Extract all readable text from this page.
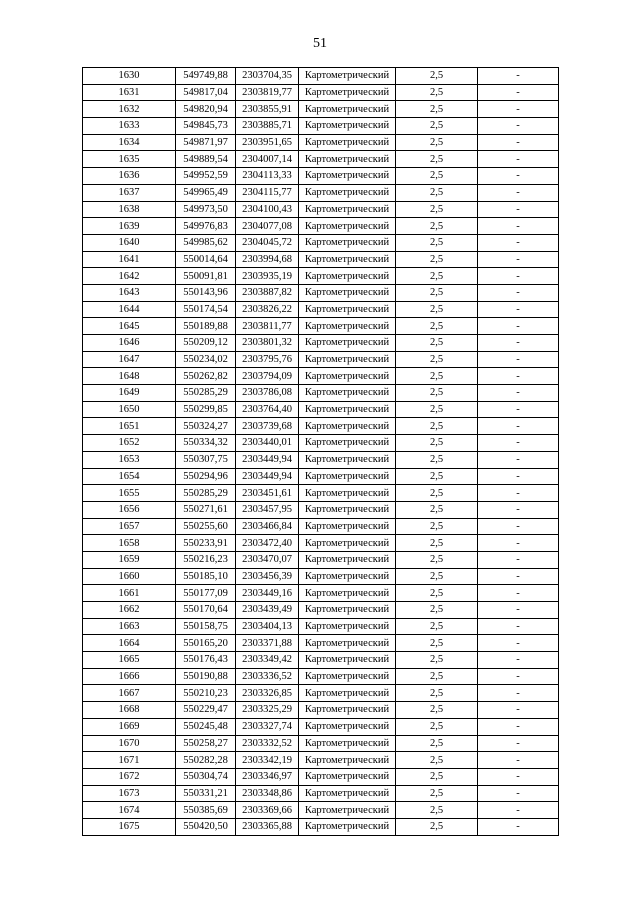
51
1630	549749,88	2303704,35	Картометрический	2,5	-
1631	549817,04	2303819,77	Картометрический	2,5	-
1632	549820,94	2303855,91	Картометрический	2,5	-
1633	549845,73	2303885,71	Картометрический	2,5	-
1634	549871,97	2303951,65	Картометрический	2,5	-
1635	549889,54	2304007,14	Картометрический	2,5	-
1636	549952,59	2304113,33	Картометрический	2,5	-
1637	549965,49	2304115,77	Картометрический	2,5	-
1638	549973,50	2304100,43	Картометрический	2,5	-
1639	549976,83	2304077,08	Картометрический	2,5	-
1640	549985,62	2304045,72	Картометрический	2,5	-
1641	550014,64	2303994,68	Картометрический	2,5	-
1642	550091,81	2303935,19	Картометрический	2,5	-
1643	550143,96	2303887,82	Картометрический	2,5	-
1644	550174,54	2303826,22	Картометрический	2,5	-
1645	550189,88	2303811,77	Картометрический	2,5	-
1646	550209,12	2303801,32	Картометрический	2,5	-
1647	550234,02	2303795,76	Картометрический	2,5	-
1648	550262,82	2303794,09	Картометрический	2,5	-
1649	550285,29	2303786,08	Картометрический	2,5	-
1650	550299,85	2303764,40	Картометрический	2,5	-
1651	550324,27	2303739,68	Картометрический	2,5	-
1652	550334,32	2303440,01	Картометрический	2,5	-
1653	550307,75	2303449,94	Картометрический	2,5	-
1654	550294,96	2303449,94	Картометрический	2,5	-
1655	550285,29	2303451,61	Картометрический	2,5	-
1656	550271,61	2303457,95	Картометрический	2,5	-
1657	550255,60	2303466,84	Картометрический	2,5	-
1658	550233,91	2303472,40	Картометрический	2,5	-
1659	550216,23	2303470,07	Картометрический	2,5	-
1660	550185,10	2303456,39	Картометрический	2,5	-
1661	550177,09	2303449,16	Картометрический	2,5	-
1662	550170,64	2303439,49	Картометрический	2,5	-
1663	550158,75	2303404,13	Картометрический	2,5	-
1664	550165,20	2303371,88	Картометрический	2,5	-
1665	550176,43	2303349,42	Картометрический	2,5	-
1666	550190,88	2303336,52	Картометрический	2,5	-
1667	550210,23	2303326,85	Картометрический	2,5	-
1668	550229,47	2303325,29	Картометрический	2,5	-
1669	550245,48	2303327,74	Картометрический	2,5	-
1670	550258,27	2303332,52	Картометрический	2,5	-
1671	550282,28	2303342,19	Картометрический	2,5	-
1672	550304,74	2303346,97	Картометрический	2,5	-
1673	550331,21	2303348,86	Картометрический	2,5	-
1674	550385,69	2303369,66	Картометрический	2,5	-
1675	550420,50	2303365,88	Картометрический	2,5	-
